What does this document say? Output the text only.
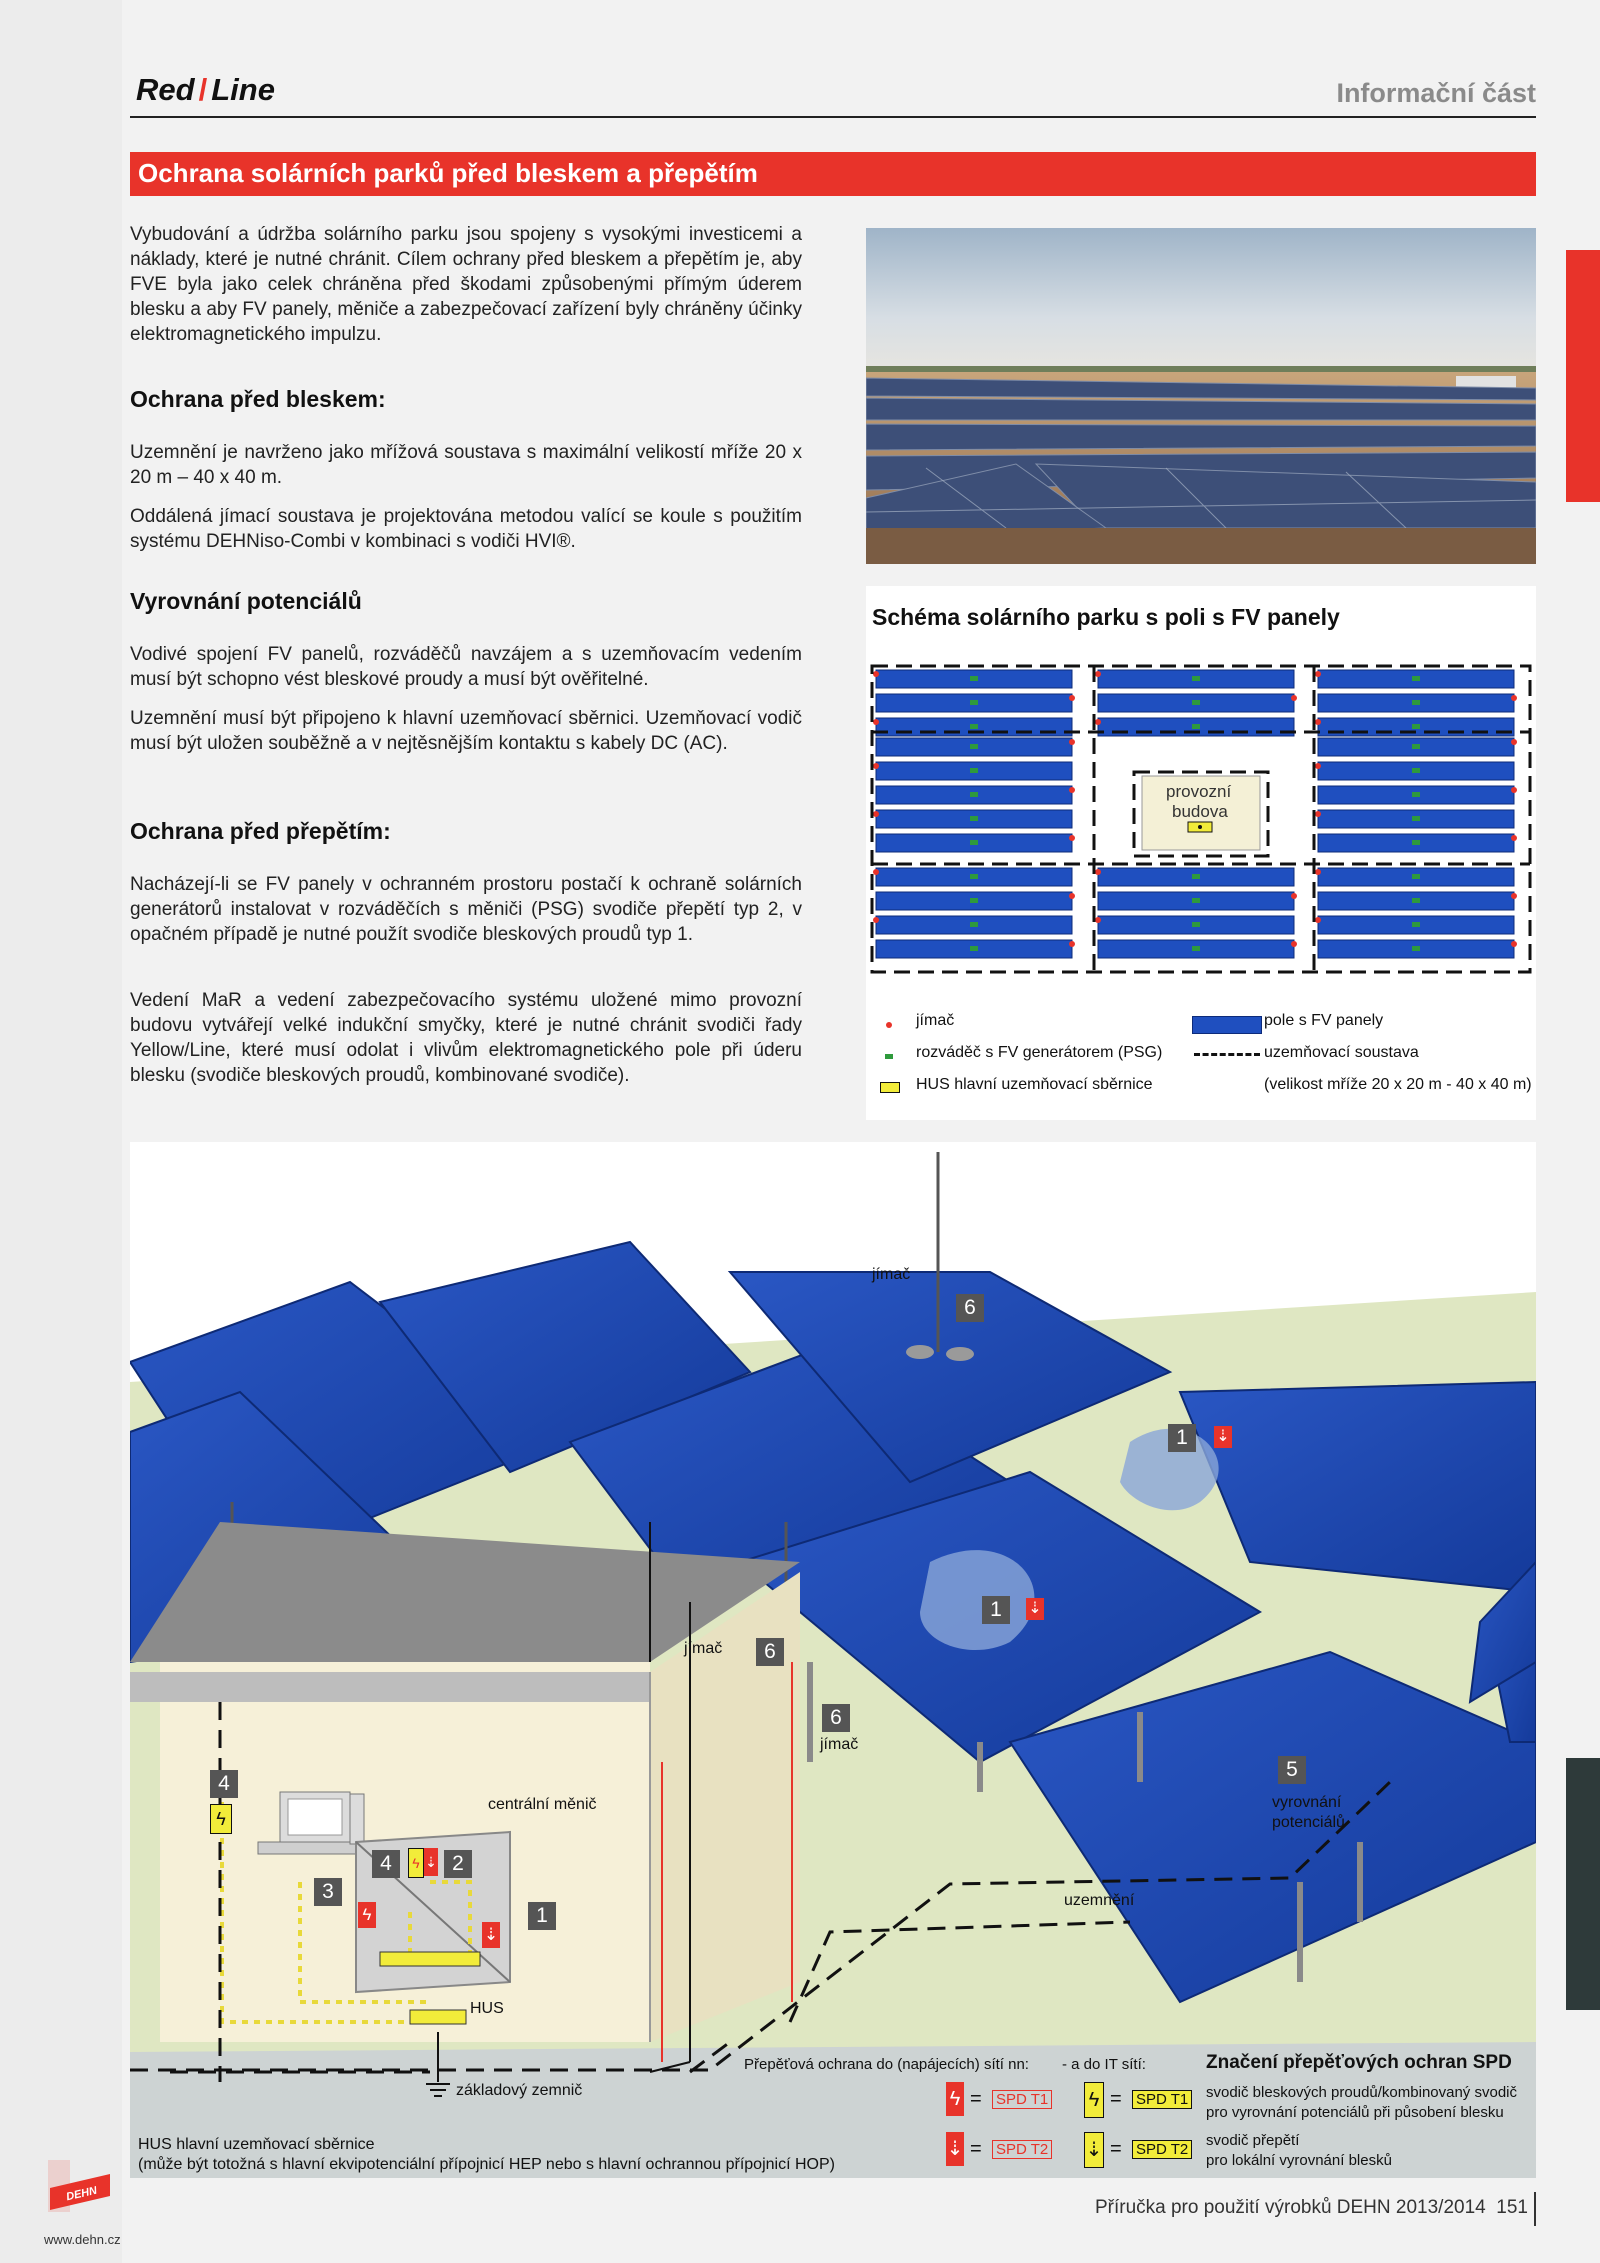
Red / Line	Informační část
Ochrana solárních parků před bleskem a přepětím
Vybudování a údržba solárního parku jsou spojeny s vysokými investicemi a náklady, které je nutné chránit. Cílem ochrany před bleskem a přepětím je, aby FVE byla jako celek chráněna před škodami způsobenými přímým úderem blesku a aby FV panely, měniče a zabezpečovací zařízení byly chráněny účinky elektromagnetického impulzu.
Ochrana před bleskem:
Uzemnění je navrženo jako mřížová soustava s maximální velikostí mříže 20 x 20 m – 40 x 40 m.
Oddálená jímací soustava je projektována metodou valící se koule s použitím systému DEHNiso-Combi v kombinaci s vodiči HVI®.
Vyrovnání potenciálů
Vodivé spojení FV panelů, rozváděčů navzájem a s uzemňovacím vedením musí být schopno vést bleskové proudy a musí být ověřitelné.
Uzemnění musí být připojeno k hlavní uzemňovací sběrnici. Uzemňovací vodič musí být uložen souběžně a v nejtěsnějším kontaktu s kabely DC (AC).
Ochrana před přepětím:
Nacházejí-li se FV panely v ochranném prostoru postačí k ochraně solárních generátorů instalovat v rozváděčích s měniči (PSG) svodiče přepětí typ 2, v opačném případě je nutné použít svodiče bleskových proudů typ 1.
Vedení MaR a vedení zabezpečovacího systému uložené mimo provozní budovu vytvářejí velké indukční smyčky, které je nutné chránit svodiči řady Yellow/Line, které musí odolat i vlivům elektromagnetického pole při úderu blesku (svodiče bleskových proudů, kombinované svodiče).
Schéma solárního parku s poli s FV panely
provozní
budova
jímač
rozváděč s FV generátorem (PSG)
HUS hlavní uzemňovací sběrnice
pole s FV panely
uzemňovací soustava
(velikost mříže 20 x 20 m - 40 x 40 m)
jímač
6
1	⇣
1	⇣
jímač	6
6
jímač
5
vyrovnání
potenciálů
uzemnění
centrální měnič
4
ϟ
3
ϟ
4	ϟ ⇣ 2
⇣
1
HUS
základový zemnič
HUS hlavní uzemňovací sběrnice
(může být totožná s hlavní ekvipotenciální přípojnicí HEP nebo s hlavní ochrannou přípojnicí HOP)
Přepěťová ochrana do (napájecích) sítí nn: - a do IT sítí:	Značení přepěťových ochran SPD
ϟ = SPD T1 ϟ = SPD T1 svodič bleskových proudů/kombinovaný svodič
pro vyrovnání potenciálů při působení blesku
⇣ = SPD T2 ⇣ = SPD T2
svodič přepětí
pro lokální vyrovnání blesků
Příručka pro použití výrobků DEHN 2013/2014 151
DEHN
www.dehn.cz
